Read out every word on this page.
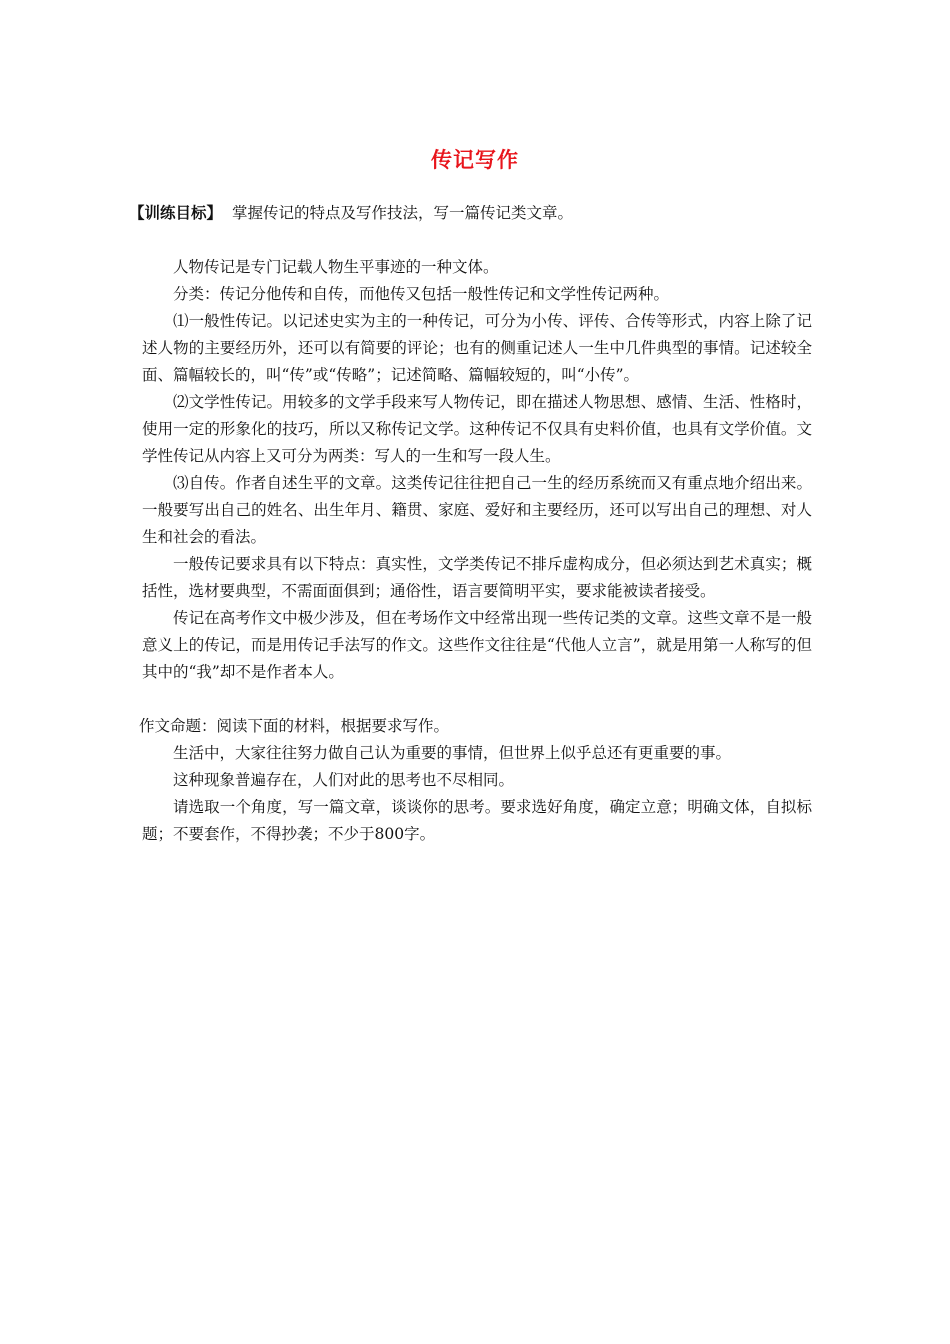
传记写作
【训练目标】 掌握传记的特点及写作技法，写一篇传记类文章。

人物传记是专门记载人物生平事迹的一种文体。

分类：传记分他传和自传，而他传又包括一般性传记和文学性传记两种。

⑴一般性传记。以记述史实为主的一种传记，可分为小传、评传、合传等形式，内容上除了记述人物的主要经历外，还可以有简要的评论；也有的侧重记述人一生中几件典型的事情。记述较全面、篇幅较长的，叫“传”或“传略”；记述简略、篇幅较短的，叫“小传”。

⑵文学性传记。用较多的文学手段来写人物传记，即在描述人物思想、感情、生活、性格时，使用一定的形象化的技巧，所以又称传记文学。这种传记不仅具有史料价值，也具有文学价值。文学性传记从内容上又可分为两类：写人的一生和写一段人生。

⑶自传。作者自述生平的文章。这类传记往往把自己一生的经历系统而又有重点地介绍出来。一般要写出自己的姓名、出生年月、籍贯、家庭、爱好和主要经历，还可以写出自己的理想、对人生和社会的看法。

一般传记要求具有以下特点：真实性，文学类传记不排斥虚构成分，但必须达到艺术真实；概括性，选材要典型，不需面面俱到；通俗性，语言要简明平实，要求能被读者接受。

传记在高考作文中极少涉及，但在考场作文中经常出现一些传记类的文章。这些文章不是一般意义上的传记，而是用传记手法写的作文。这些作文往往是“代他人立言”，就是用第一人称写的但其中的“我”却不是作者本人。

作文命题：阅读下面的材料，根据要求写作。

生活中，大家往往努力做自己认为重要的事情，但世界上似乎总还有更重要的事。

这种现象普遍存在，人们对此的思考也不尽相同。

请选取一个角度，写一篇文章，谈谈你的思考。要求选好角度，确定立意；明确文体，自拟标题；不要套作，不得抄袭；不少于800字。
